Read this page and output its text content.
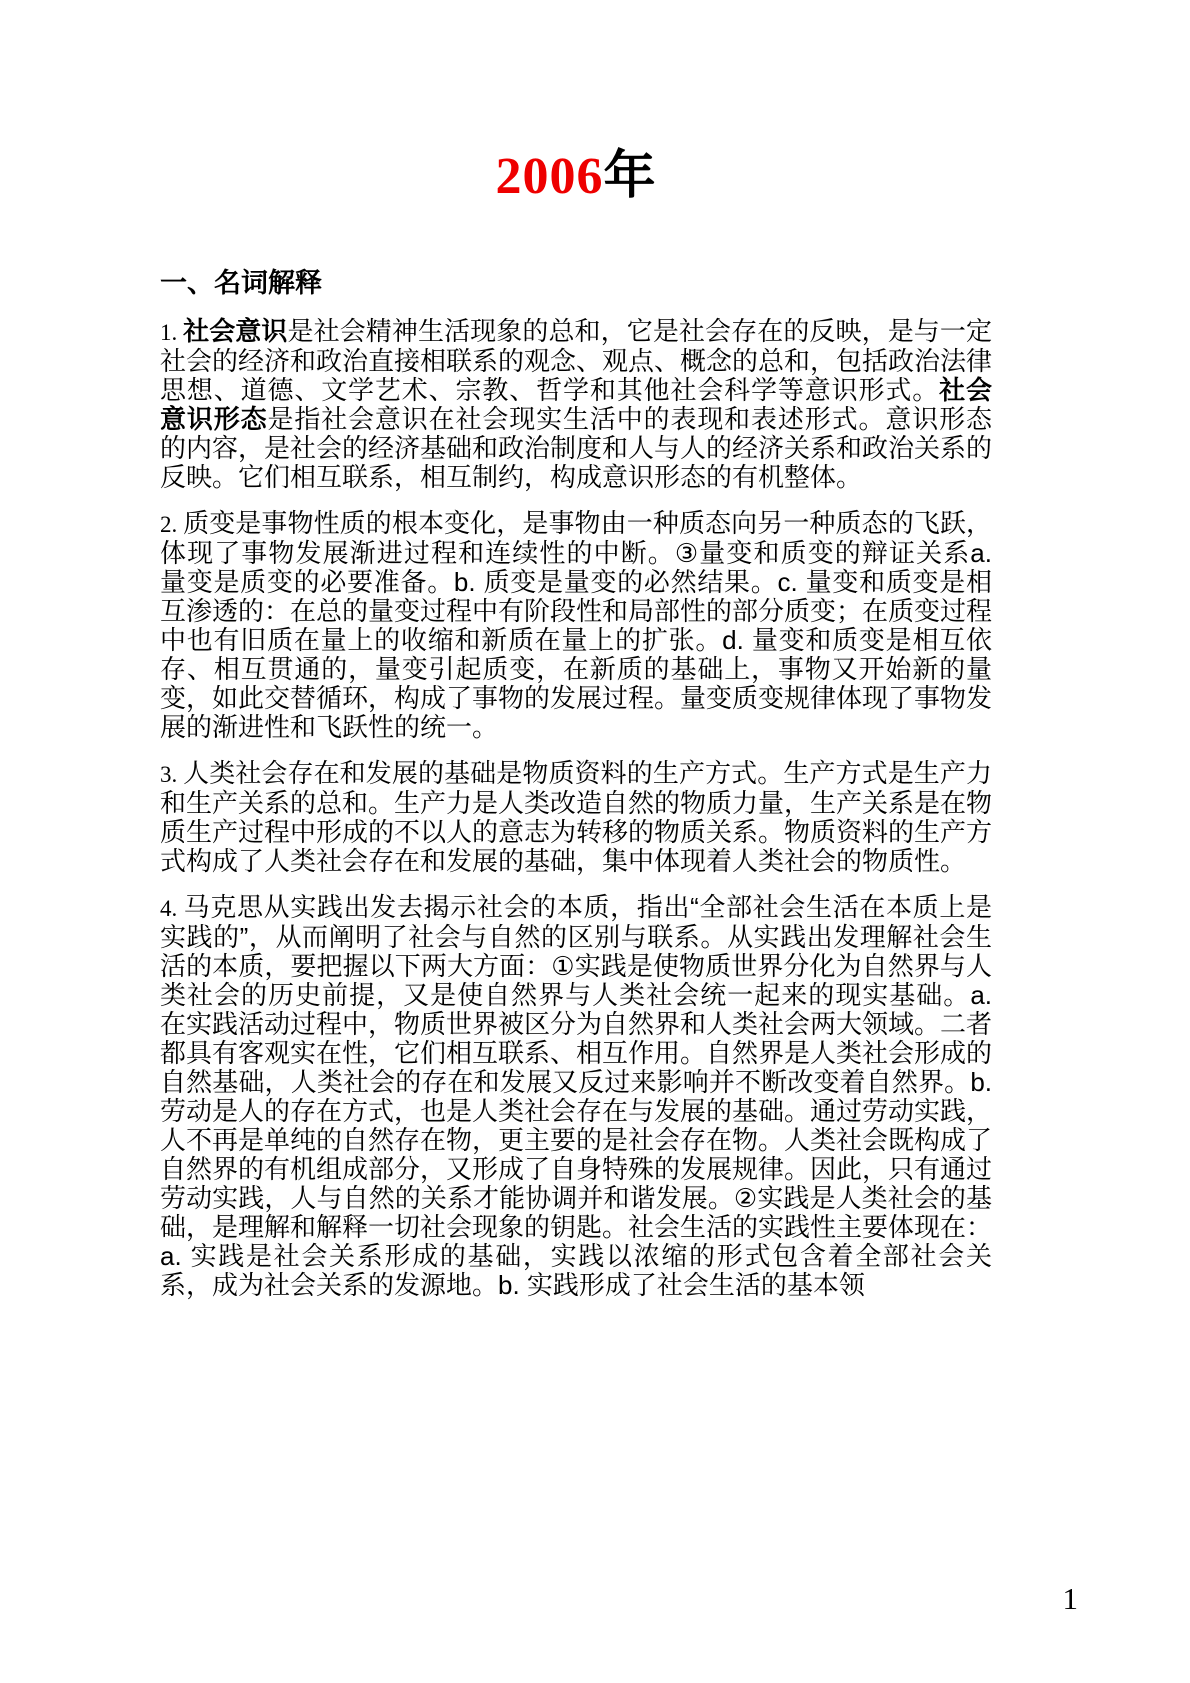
2006年
一、名词解释

1. 社会意识是社会精神生活现象的总和，它是社会存在的反映，是与一定社会的经济和政治直接相联系的观念、观点、概念的总和，包括政治法律思想、道德、文学艺术、宗教、哲学和其他社会科学等意识形式。社会意识形态是指社会意识在社会现实生活中的表现和表述形式。意识形态的内容，是社会的经济基础和政治制度和人与人的经济关系和政治关系的反映。它们相互联系，相互制约，构成意识形态的有机整体。

2. 质变是事物性质的根本变化，是事物由一种质态向另一种质态的飞跃，体现了事物发展渐进过程和连续性的中断。③量变和质变的辩证关系a. 量变是质变的必要准备。b. 质变是量变的必然结果。c. 量变和质变是相互渗透的：在总的量变过程中有阶段性和局部性的部分质变；在质变过程中也有旧质在量上的收缩和新质在量上的扩张。d. 量变和质变是相互依存、相互贯通的，量变引起质变，在新质的基础上，事物又开始新的量变，如此交替循环，构成了事物的发展过程。量变质变规律体现了事物发展的渐进性和飞跃性的统一。

3. 人类社会存在和发展的基础是物质资料的生产方式。生产方式是生产力和生产关系的总和。生产力是人类改造自然的物质力量，生产关系是在物质生产过程中形成的不以人的意志为转移的物质关系。物质资料的生产方式构成了人类社会存在和发展的基础，集中体现着人类社会的物质性。

4. 马克思从实践出发去揭示社会的本质，指出“全部社会生活在本质上是实践的”，从而阐明了社会与自然的区别与联系。从实践出发理解社会生活的本质，要把握以下两大方面：①实践是使物质世界分化为自然界与人类社会的历史前提，又是使自然界与人类社会统一起来的现实基础。a. 在实践活动过程中，物质世界被区分为自然界和人类社会两大领域。二者都具有客观实在性，它们相互联系、相互作用。自然界是人类社会形成的自然基础，人类社会的存在和发展又反过来影响并不断改变着自然界。b. 劳动是人的存在方式，也是人类社会存在与发展的基础。通过劳动实践，人不再是单纯的自然存在物，更主要的是社会存在物。人类社会既构成了自然界的有机组成部分，又形成了自身特殊的发展规律。因此，只有通过劳动实践，人与自然的关系才能协调并和谐发展。②实践是人类社会的基础，是理解和解释一切社会现象的钥匙。社会生活的实践性主要体现在：a. 实践是社会关系形成的基础，实践以浓缩的形式包含着全部社会关系，成为社会关系的发源地。b. 实践形成了社会生活的基本领

1
